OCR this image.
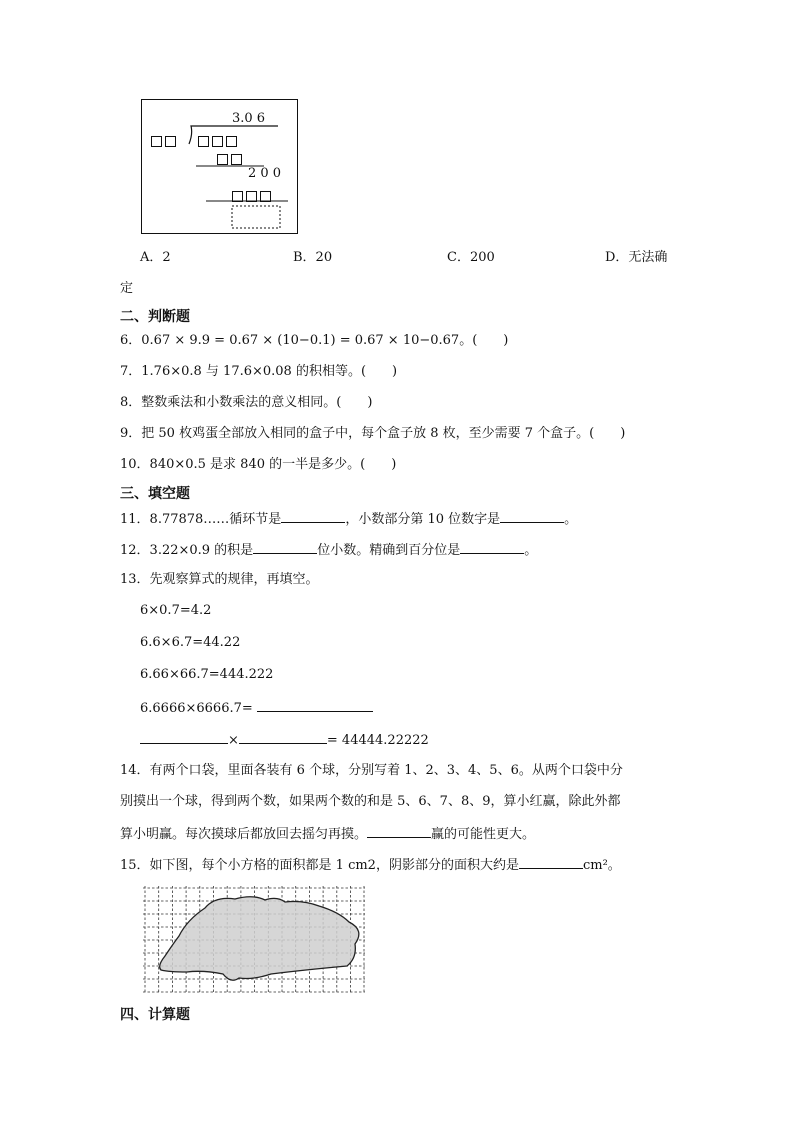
3.0 6
2 0 0
A．2	B．20	C．200	D．无法确
定
二、判断题
6．0.67 × 9.9 = 0.67 × (10−0.1) = 0.67 × 10−0.67。(　　)
7．1.76×0.8 与 17.6×0.08 的积相等。(　　)
8．整数乘法和小数乘法的意义相同。(　　)
9．把 50 枚鸡蛋全部放入相同的盒子中，每个盒子放 8 枚，至少需要 7 个盒子。(　　)
10．840×0.5 是求 840 的一半是多少。(　　)
三、填空题
11．8.77878……循环节是	，小数部分第 10 位数字是	。
12．3.22×0.9 的积是	位小数。精确到百分位是	。
13．先观察算式的规律，再填空。
6×0.7=4.2
6.6×6.7=44.22
6.66×66.7=444.222
6.6666×6666.7=
×	= 44444.22222
14．有两个口袋，里面各装有 6 个球，分别写着 1、2、3、4、5、6。从两个口袋中分
别摸出一个球，得到两个数，如果两个数的和是 5、6、7、8、9，算小红赢，除此外都
算小明赢。每次摸球后都放回去摇匀再摸。	赢的可能性更大。
15．如下图，每个小方格的面积都是 1 cm2，阴影部分的面积大约是	cm²。
四、计算题
